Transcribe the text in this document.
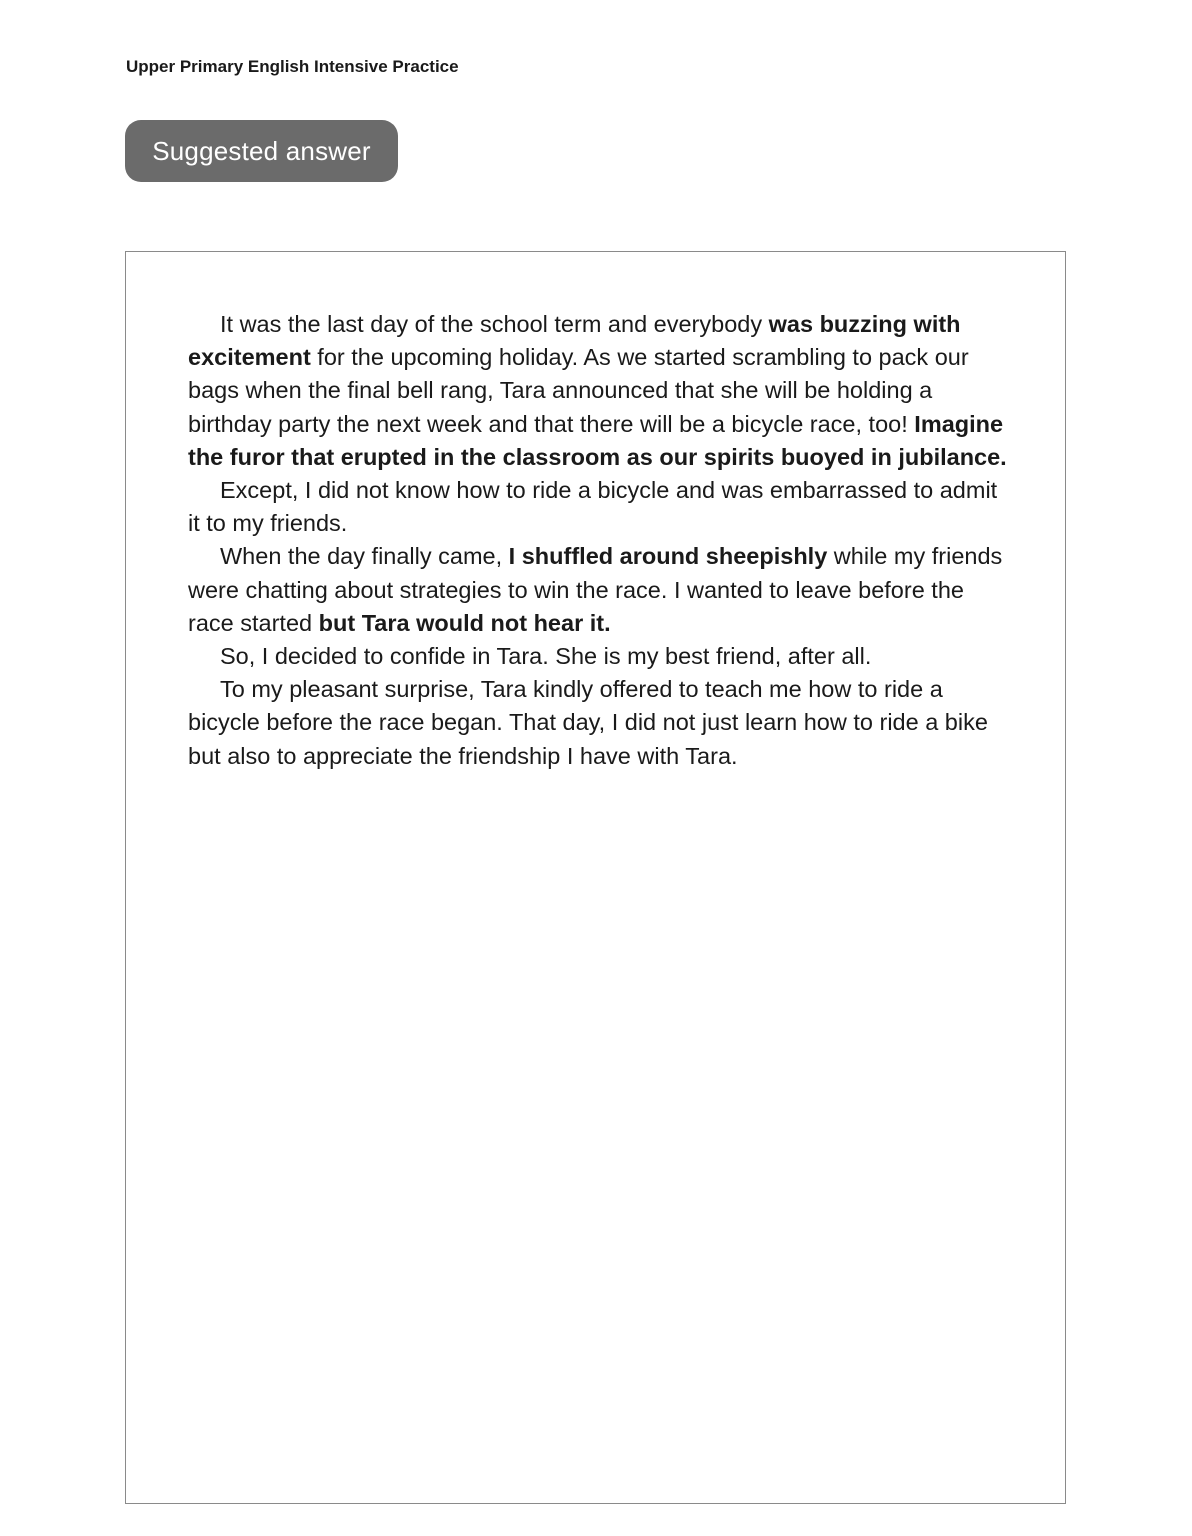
Upper Primary English Intensive Practice
Suggested answer

It was the last day of the school term and everybody was buzzing with excitement for the upcoming holiday. As we started scrambling to pack our bags when the final bell rang, Tara announced that she will be holding a birthday party the next week and that there will be a bicycle race, too! Imagine the furor that erupted in the classroom as our spirits buoyed in jubilance.

Except, I did not know how to ride a bicycle and was embarrassed to admit it to my friends.

When the day finally came, I shuffled around sheepishly while my friends were chatting about strategies to win the race. I wanted to leave before the race started but Tara would not hear it.

So, I decided to confide in Tara. She is my best friend, after all.

To my pleasant surprise, Tara kindly offered to teach me how to ride a bicycle before the race began. That day, I did not just learn how to ride a bike but also to appreciate the friendship I have with Tara.
